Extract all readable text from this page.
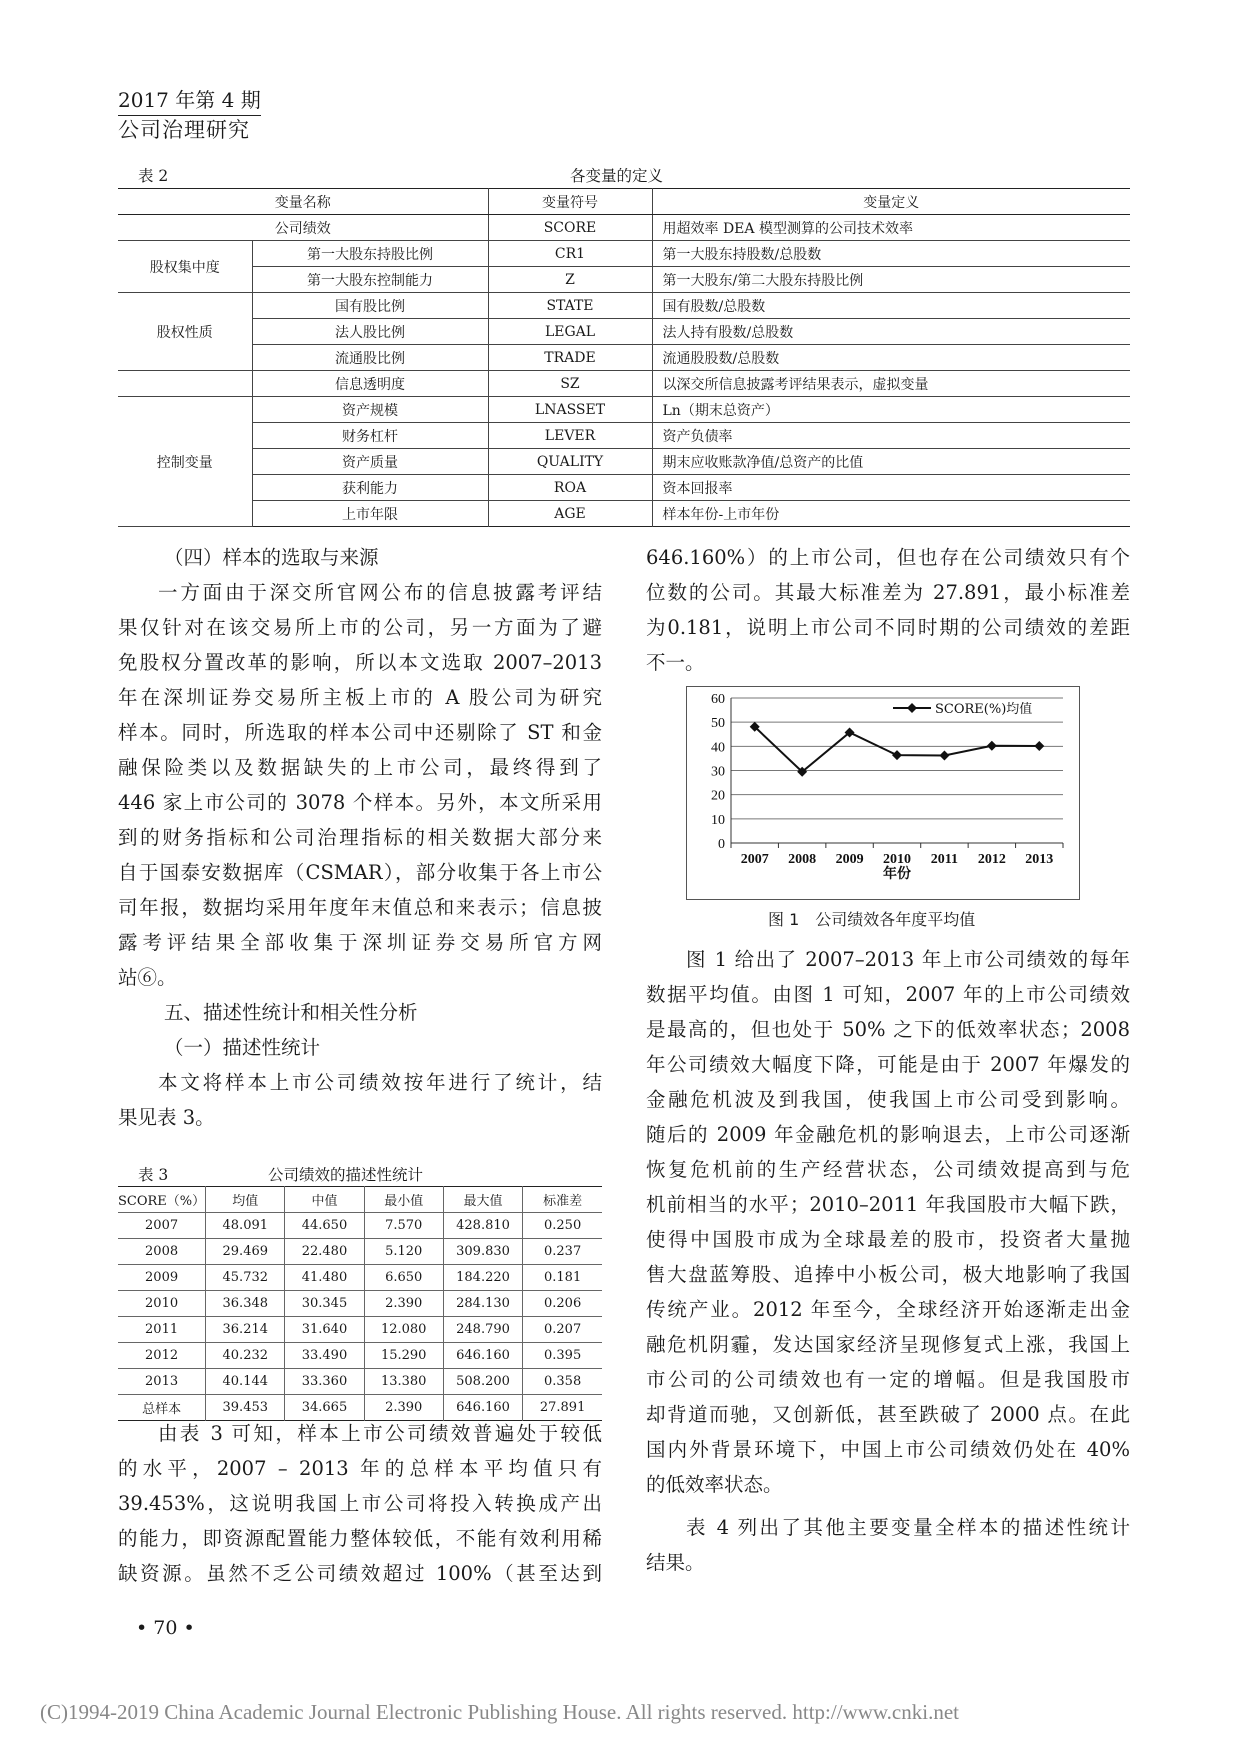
2017 年第 4 期
公司治理研究
表 2	各变量的定义
变量名称		变量符号	变量定义
公司绩效		SCORE	用超效率 DEA 模型测算的公司技术效率
股权集中度	第一大股东持股比例	CR1	第一大股东持股数/总股数
	第一大股东控制能力	Z	第一大股东/第二大股东持股比例
股权性质	国有股比例	STATE	国有股数/总股数
	法人股比例	LEGAL	法人持有股数/总股数
	流通股比例	TRADE	流通股股数/总股数
	信息透明度	SZ	以深交所信息披露考评结果表示，虚拟变量
控制变量	资产规模	LNASSET	Ln（期末总资产）
	财务杠杆	LEVER	资产负债率
	资产质量	QUALITY	期末应收账款净值/总资产的比值
	获利能力	ROA	资本回报率
	上市年限	AGE	样本年份-上市年份
（四）样本的选取与来源
一方面由于深交所官网公布的信息披露考评结
果仅针对在该交易所上市的公司，另一方面为了避
免股权分置改革的影响，所以本文选取 2007–2013
年在深圳证券交易所主板上市的 A 股公司为研究
样本。同时，所选取的样本公司中还剔除了 ST 和金
融保险类以及数据缺失的上市公司，最终得到了
446 家上市公司的 3078 个样本。另外，本文所采用
到的财务指标和公司治理指标的相关数据大部分来
自于国泰安数据库（CSMAR），部分收集于各上市公
司年报，数据均采用年度年末值总和来表示；信息披
露考评结果全部收集于深圳证券交易所官方网
站⑥。
五、描述性统计和相关性分析
（一）描述性统计
本文将样本上市公司绩效按年进行了统计，结
果见表 3。
表 3	公司绩效的描述性统计
SCORE（%）	均值	中值	最小值	最大值	标准差
2007	48.091	44.650	7.570	428.810	0.250
2008	29.469	22.480	5.120	309.830	0.237
2009	45.732	41.480	6.650	184.220	0.181
2010	36.348	30.345	2.390	284.130	0.206
2011	36.214	31.640	12.080	248.790	0.207
2012	40.232	33.490	15.290	646.160	0.395
2013	40.144	33.360	13.380	508.200	0.358
总样本	39.453	34.665	2.390	646.160	27.891
由表 3 可知，样本上市公司绩效普遍处于较低
的水平，2007 – 2013 年的总样本平均值只有
39.453%，这说明我国上市公司将投入转换成产出
的能力，即资源配置能力整体较低，不能有效利用稀
缺资源。虽然不乏公司绩效超过 100%（甚至达到
646.160%）的上市公司，但也存在公司绩效只有个
位数的公司。其最大标准差为 27.891，最小标准差
为0.181，说明上市公司不同时期的公司绩效的差距
不一。
0
10
20
30
40
50
60
2007 2008 2009 2010 2011 2012 2013
年份
SCORE(%)均值
图 1　公司绩效各年度平均值
图 1 给出了 2007–2013 年上市公司绩效的每年
数据平均值。由图 1 可知，2007 年的上市公司绩效
是最高的，但也处于 50% 之下的低效率状态；2008
年公司绩效大幅度下降，可能是由于 2007 年爆发的
金融危机波及到我国，使我国上市公司受到影响。
随后的 2009 年金融危机的影响退去，上市公司逐渐
恢复危机前的生产经营状态，公司绩效提高到与危
机前相当的水平；2010–2011 年我国股市大幅下跌，
使得中国股市成为全球最差的股市，投资者大量抛
售大盘蓝筹股、追捧中小板公司，极大地影响了我国
传统产业。2012 年至今，全球经济开始逐渐走出金
融危机阴霾，发达国家经济呈现修复式上涨，我国上
市公司的公司绩效也有一定的增幅。但是我国股市
却背道而驰，又创新低，甚至跌破了 2000 点。在此
国内外背景环境下，中国上市公司绩效仍处在 40%
的低效率状态。
表 4 列出了其他主要变量全样本的描述性统计
结果。
• 70 •
(C)1994-2019 China Academic Journal Electronic Publishing House. All rights reserved. http://www.cnki.net
